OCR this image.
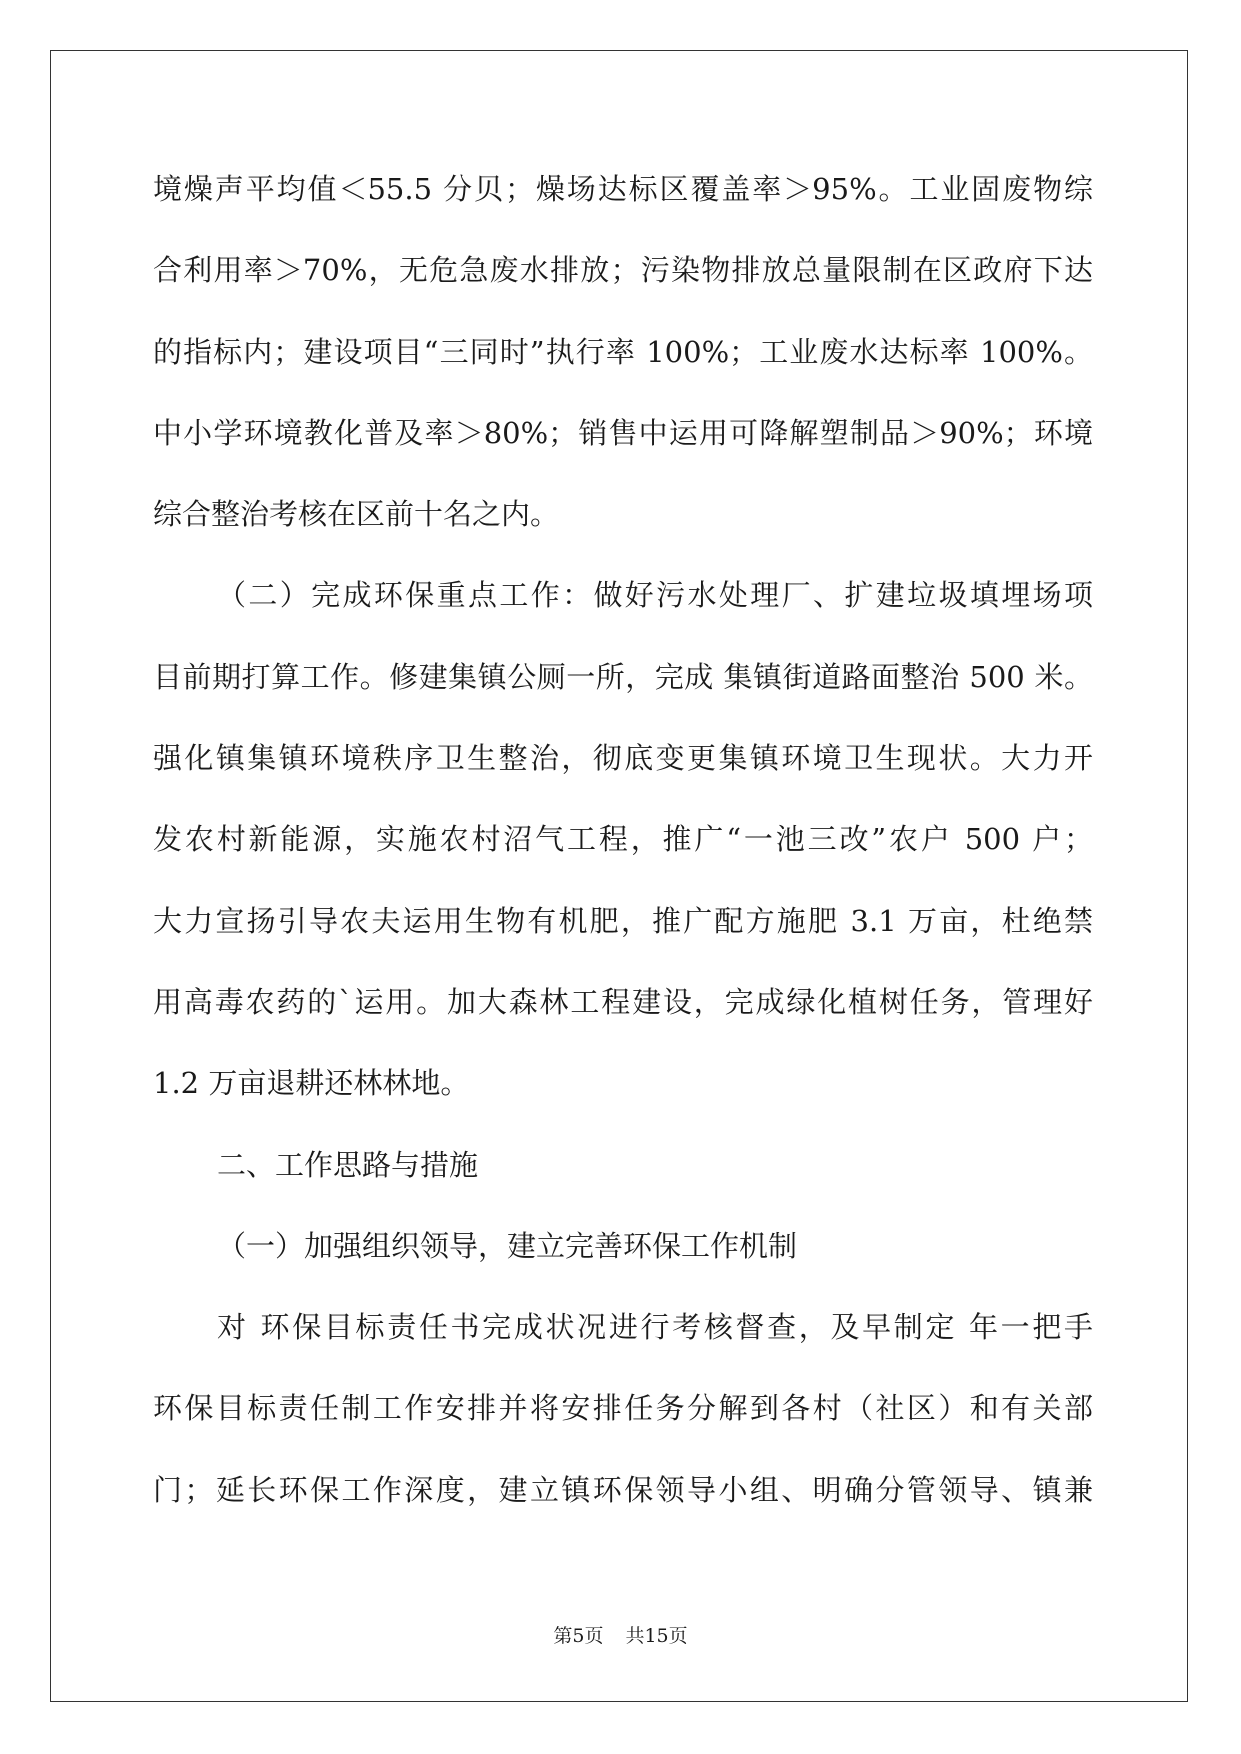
境燥声平均值＜55.5 分贝；燥场达标区覆盖率＞95%。工业固废物综
合利用率＞70%，无危急废水排放；污染物排放总量限制在区政府下达
的指标内；建设项目“三同时”执行率 100%；工业废水达标率 100%。
中小学环境教化普及率＞80%；销售中运用可降解塑制品＞90%；环境
综合整治考核在区前十名之内。
（二）完成环保重点工作：做好污水处理厂、扩建垃圾填埋场项
目前期打算工作。修建集镇公厕一所，完成 集镇街道路面整治 500 米。
强化镇集镇环境秩序卫生整治，彻底变更集镇环境卫生现状。大力开
发农村新能源，实施农村沼气工程，推广“一池三改”农户 500 户；
大力宣扬引导农夫运用生物有机肥，推广配方施肥 3.1 万亩，杜绝禁
用高毒农药的`运用。加大森林工程建设，完成绿化植树任务，管理好
1.2 万亩退耕还林林地。
二、工作思路与措施
（一）加强组织领导，建立完善环保工作机制
对 环保目标责任书完成状况进行考核督查，及早制定 年一把手
环保目标责任制工作安排并将安排任务分解到各村（社区）和有关部
门；延长环保工作深度，建立镇环保领导小组、明确分管领导、镇兼
第5页 共15页
